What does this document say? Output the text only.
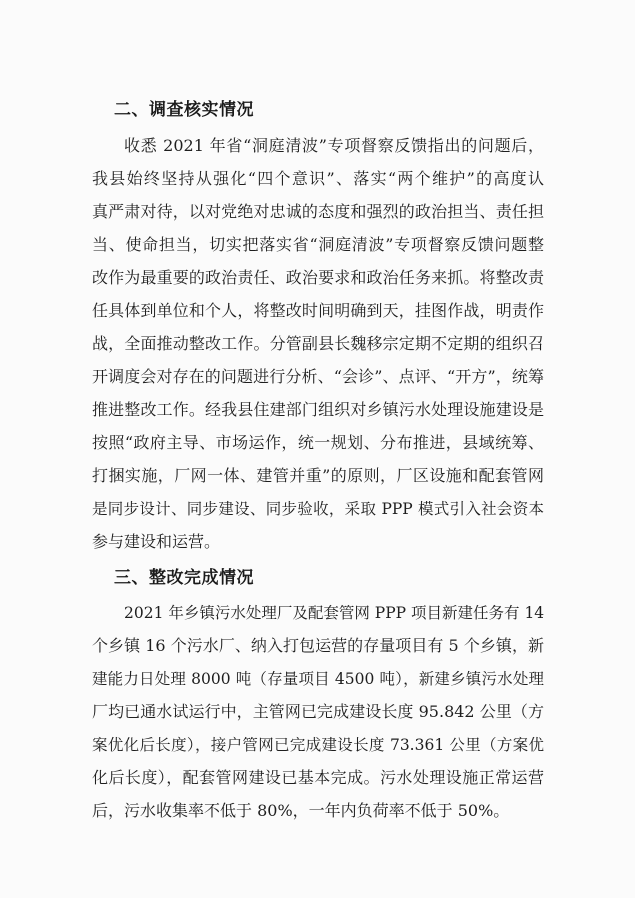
二、调查核实情况
收悉 2021 年省“洞庭清波”专项督察反馈指出的问题后，
我县始终坚持从强化“四个意识”、落实“两个维护”的高度认
真严肃对待，以对党绝对忠诚的态度和强烈的政治担当、责任担
当、使命担当，切实把落实省“洞庭清波”专项督察反馈问题整
改作为最重要的政治责任、政治要求和政治任务来抓。将整改责
任具体到单位和个人，将整改时间明确到天，挂图作战，明责作
战，全面推动整改工作。分管副县长魏移宗定期不定期的组织召
开调度会对存在的问题进行分析、“会诊”、点评、“开方”，统筹
推进整改工作。经我县住建部门组织对乡镇污水处理设施建设是
按照“政府主导、市场运作，统一规划、分布推进，县域统筹、
打捆实施，厂网一体、建管并重”的原则，厂区设施和配套管网
是同步设计、同步建设、同步验收，采取 PPP 模式引入社会资本
参与建设和运营。
三、整改完成情况
2021 年乡镇污水处理厂及配套管网 PPP 项目新建任务有 14
个乡镇 16 个污水厂、纳入打包运营的存量项目有 5 个乡镇，新
建能力日处理 8000 吨（存量项目 4500 吨），新建乡镇污水处理
厂均已通水试运行中，主管网已完成建设长度 95.842 公里（方
案优化后长度），接户管网已完成建设长度 73.361 公里（方案优
化后长度），配套管网建设已基本完成。污水处理设施正常运营
后，污水收集率不低于 80%，一年内负荷率不低于 50%。
